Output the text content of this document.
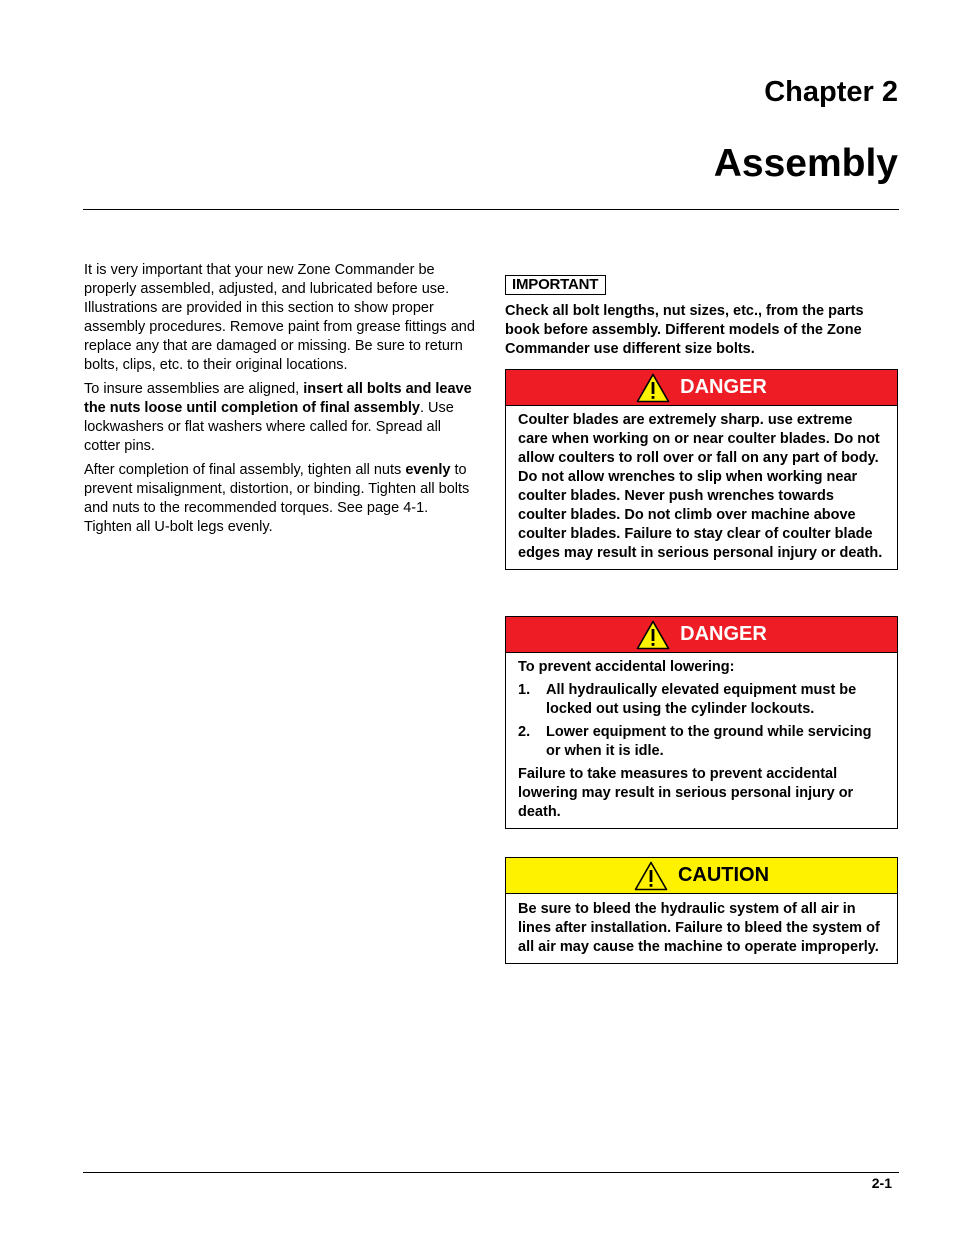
Chapter 2
Assembly

It is very important that your new Zone Commander be properly assembled, adjusted, and lubricated before use. Illustrations are provided in this section to show proper assembly procedures. Remove paint from grease fittings and replace any that are damaged or missing. Be sure to return bolts, clips, etc. to their original locations.

To insure assemblies are aligned, insert all bolts and leave the nuts loose until completion of final assembly. Use lockwashers or flat washers where called for. Spread all cotter pins.

After completion of final assembly, tighten all nuts evenly to prevent misalignment, distortion, or binding. Tighten all bolts and nuts to the recommended torques. See page 4-1. Tighten all U-bolt legs evenly.

IMPORTANT

Check all bolt lengths, nut sizes, etc., from the parts book before assembly. Different models of the Zone Commander use different size bolts.

DANGER

Coulter blades are extremely sharp. use extreme care when working on or near coulter blades. Do not allow coulters to roll over or fall on any part of body. Do not allow wrenches to slip when working near coulter blades. Never push wrenches towards coulter blades. Do not climb over machine above coulter blades. Failure to stay clear of coulter blade edges may result in serious personal injury or death.

DANGER

To prevent accidental lowering:

1.	All hydraulically elevated equipment must be locked out using the cylinder lockouts.
2.	Lower equipment to the ground while servicing or when it is idle.

Failure to take measures to prevent accidental lowering may result in serious personal injury or death.

CAUTION

Be sure to bleed the hydraulic system of all air in lines after installation. Failure to bleed the system of all air may cause the machine to operate improperly.

2-1
